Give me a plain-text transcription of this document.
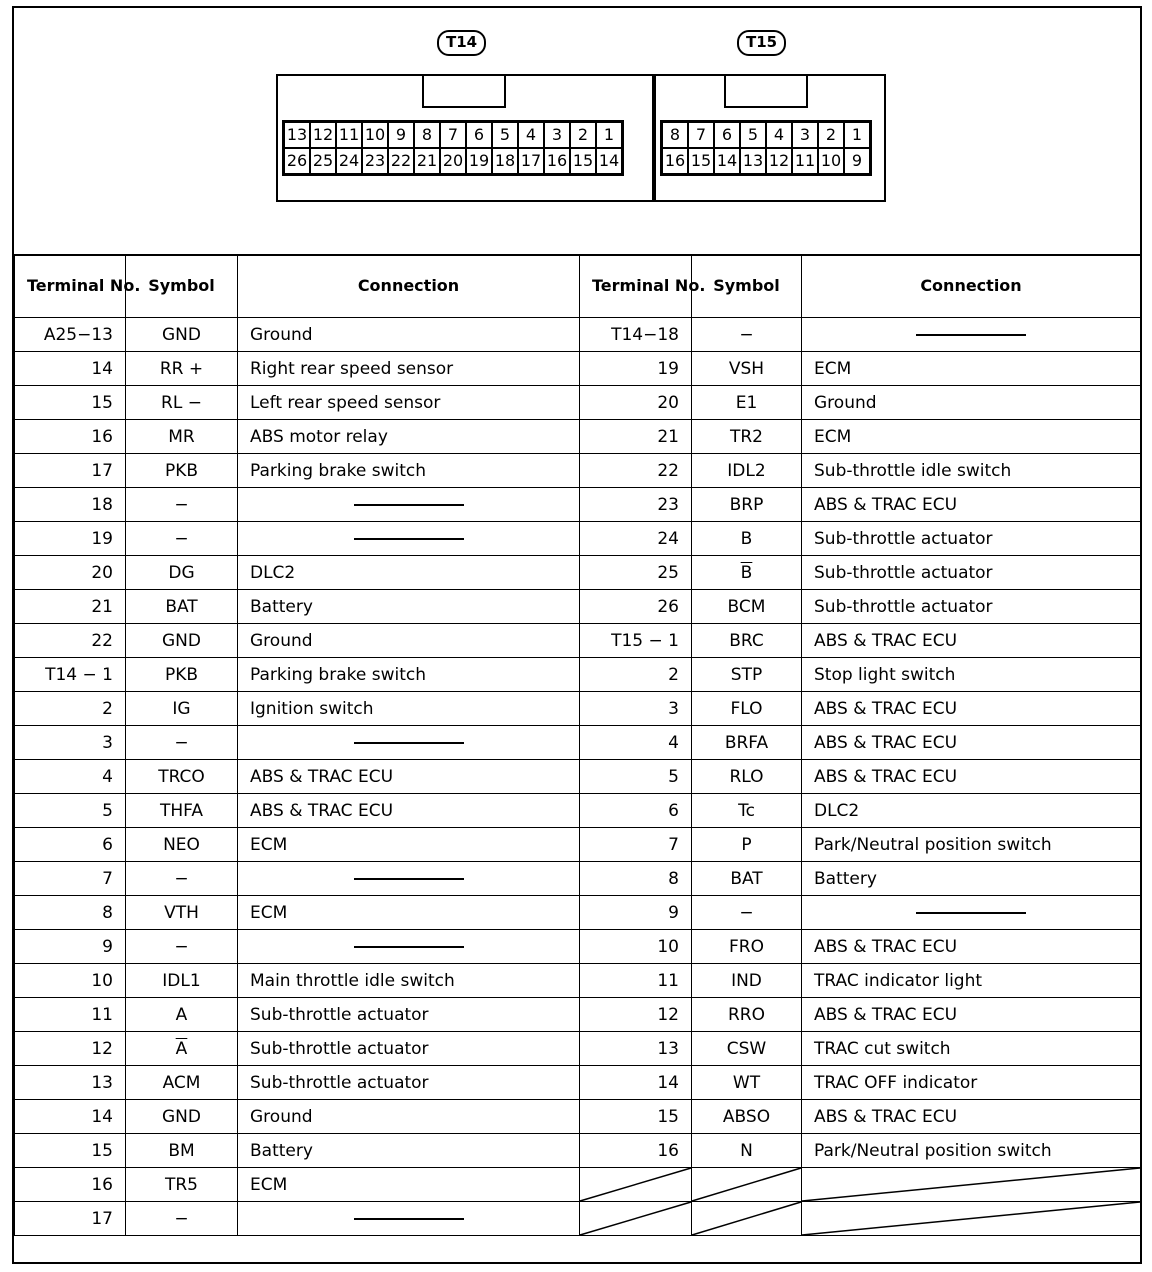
T14	T15
13 12 11 10 9 8 7 6 5 4 3 2 1
26 25 24 23 22 21 20 19 18 17 16 15 14
8 7 6 5 4 3 2 1
16 15 14 13 12 11 10 9
Terminal No.	Symbol	Connection	Terminal No.	Symbol	Connection
A25−13	GND	Ground	T14−18	−	
14	RR +	Right rear speed sensor	19	VSH	ECM
15	RL −	Left rear speed sensor	20	E1	Ground
16	MR	ABS motor relay	21	TR2	ECM
17	PKB	Parking brake switch	22	IDL2	Sub-throttle idle switch
18	−		23	BRP	ABS & TRAC ECU
19	−		24	B	Sub-throttle actuator
20	DG	DLC2	25	$\overline{B}$	Sub-throttle actuator
21	BAT	Battery	26	BCM	Sub-throttle actuator
22	GND	Ground	T15 − 1	BRC	ABS & TRAC ECU
T14 − 1	PKB	Parking brake switch	2	STP	Stop light switch
2	IG	Ignition switch	3	FLO	ABS & TRAC ECU
3	−		4	BRFA	ABS & TRAC ECU
4	TRCO	ABS & TRAC ECU	5	RLO	ABS & TRAC ECU
5	THFA	ABS & TRAC ECU	6	Tc	DLC2
6	NEO	ECM	7	P	Park/Neutral position switch
7	−		8	BAT	Battery
8	VTH	ECM	9	−	
9	−		10	FRO	ABS & TRAC ECU
10	IDL1	Main throttle idle switch	11	IND	TRAC indicator light
11	A	Sub-throttle actuator	12	RRO	ABS & TRAC ECU
12	$\overline{A}$	Sub-throttle actuator	13	CSW	TRAC cut switch
13	ACM	Sub-throttle actuator	14	WT	TRAC OFF indicator
14	GND	Ground	15	ABSO	ABS & TRAC ECU
15	BM	Battery	16	N	Park/Neutral position switch
16	TR5	ECM	

17	−		
